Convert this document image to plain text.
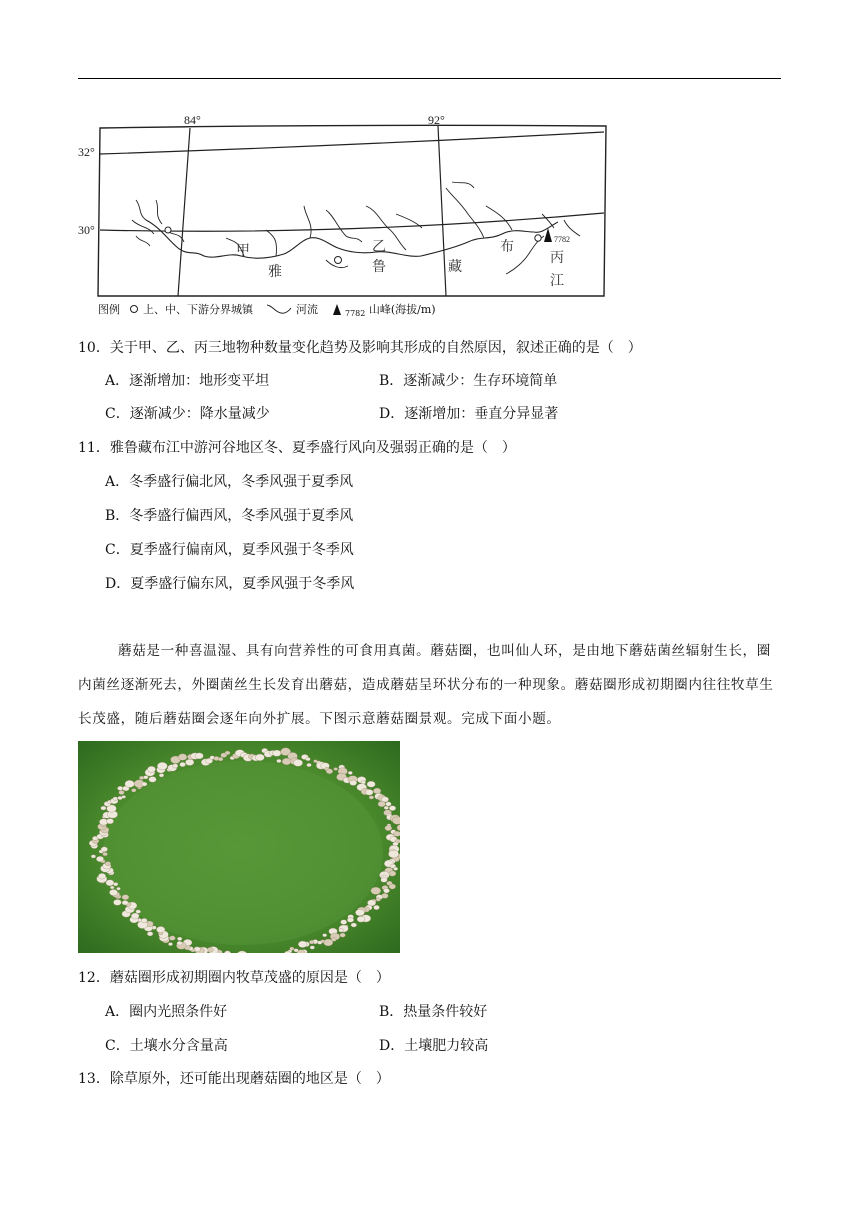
84°	92°
32°
30°
7782
甲
雅
乙
鲁	藏
布
丙
江
图例 上、中、下游分界城镇	河流	$_{7782}$ 山峰(海拔/m)
10．关于甲、乙、丙三地物种数量变化趋势及影响其形成的自然原因，叙述正确的是（　）
A．逐渐增加：地形变平坦	B．逐渐减少：生存环境简单
C．逐渐减少：降水量减少	D．逐渐增加：垂直分异显著
11．雅鲁藏布江中游河谷地区冬、夏季盛行风向及强弱正确的是（　）
A．冬季盛行偏北风，冬季风强于夏季风
B．冬季盛行偏西风，冬季风强于夏季风
C．夏季盛行偏南风，夏季风强于冬季风
D．夏季盛行偏东风，夏季风强于冬季风
蘑菇是一种喜温湿、具有向营养性的可食用真菌。蘑菇圈，也叫仙人环，是由地下蘑菇菌丝辐射生长，圈内菌丝逐渐死去，外圈菌丝生长发育出蘑菇，造成蘑菇呈环状分布的一种现象。蘑菇圈形成初期圈内往往牧草生长茂盛，随后蘑菇圈会逐年向外扩展。下图示意蘑菇圈景观。完成下面小题。
12．蘑菇圈形成初期圈内牧草茂盛的原因是（　）
A．圈内光照条件好	B．热量条件较好
C．土壤水分含量高	D．土壤肥力较高
13．除草原外，还可能出现蘑菇圈的地区是（　）
